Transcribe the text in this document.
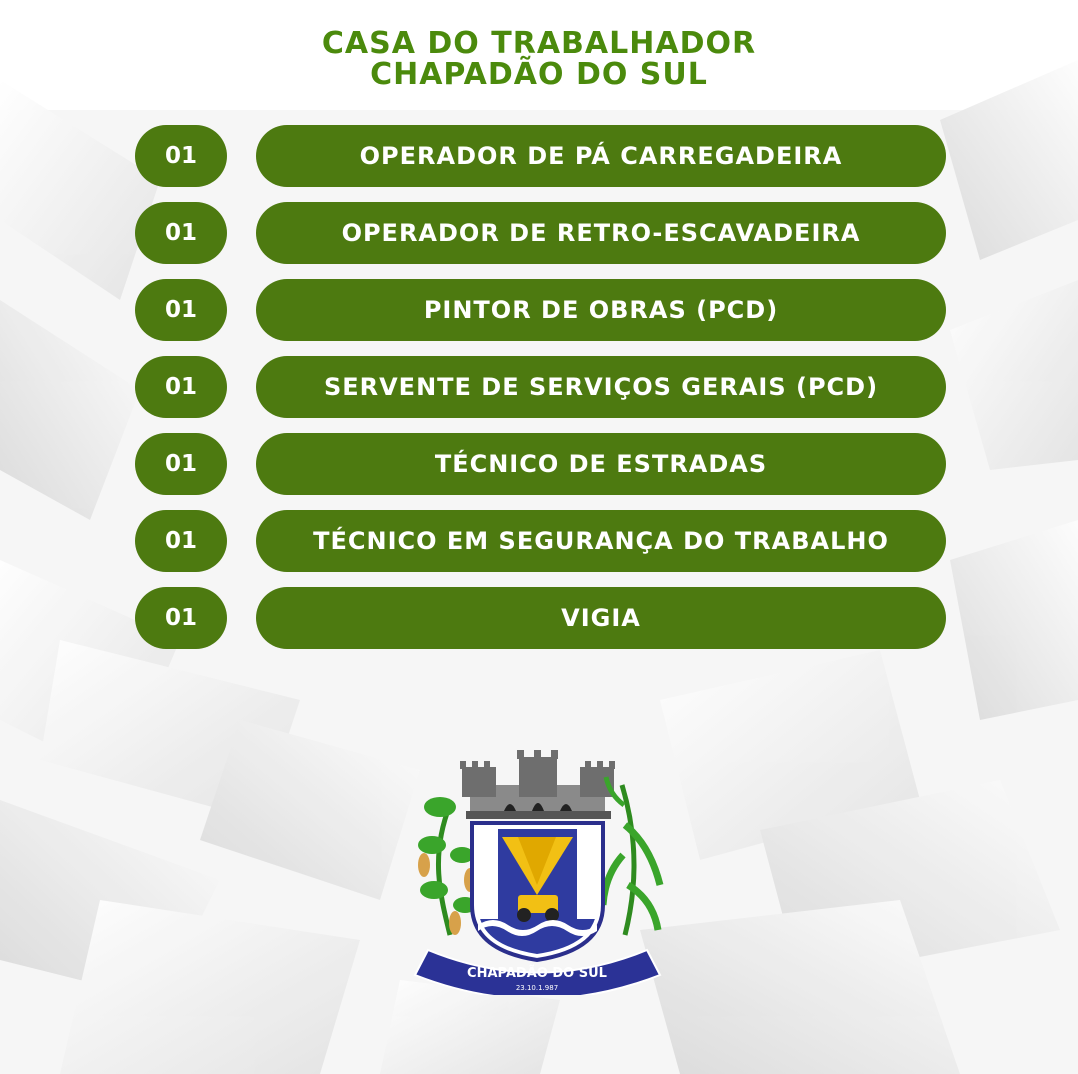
CASA DO TRABALHADOR
CHAPADÃO DO SUL
01	OPERADOR DE PÁ CARREGADEIRA
01	OPERADOR DE RETRO-ESCAVADEIRA
01	PINTOR DE OBRAS (PCD)
01	SERVENTE DE SERVIÇOS GERAIS (PCD)
01	TÉCNICO DE ESTRADAS
01	TÉCNICO EM SEGURANÇA DO TRABALHO
01	VIGIA
CHAPADÃO DO SUL
23.10.1.987
